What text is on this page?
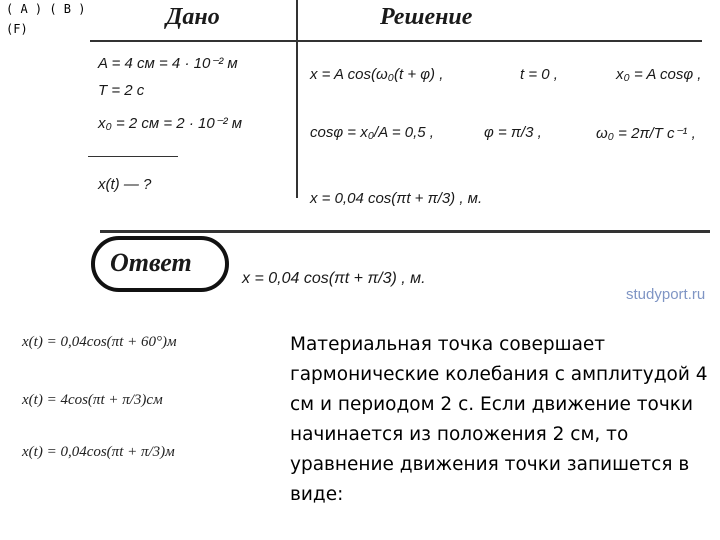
( A ) ( B )
(F)	Дано	Решение
A = 4 см = 4 · 10⁻² м
T = 2 с
x₀ = 2 см = 2 · 10⁻² м
x(t) — ?
x = A cos(ω₀(t + φ) ,	t = 0 ,	x₀ = A cosφ ,
cosφ = x₀/A = 0,5 ,	φ = π/3 ,	ω₀ = 2π/T с⁻¹ ,
x = 0,04 cos(πt + π/3) , м.
Ответ
x = 0,04 cos(πt + π/3) , м.
studyport.ru
x(t) = 0,04cos(πt + 60°)м
x(t) = 4cos(πt + π/3)см
x(t) = 0,04cos(πt + π/3)м
Материальная точка совершает гармонические колебания с амплитудой 4 см и периодом 2 с. Если движение точки начинается из положения 2 см, то уравнение движения точки запишется в виде:
